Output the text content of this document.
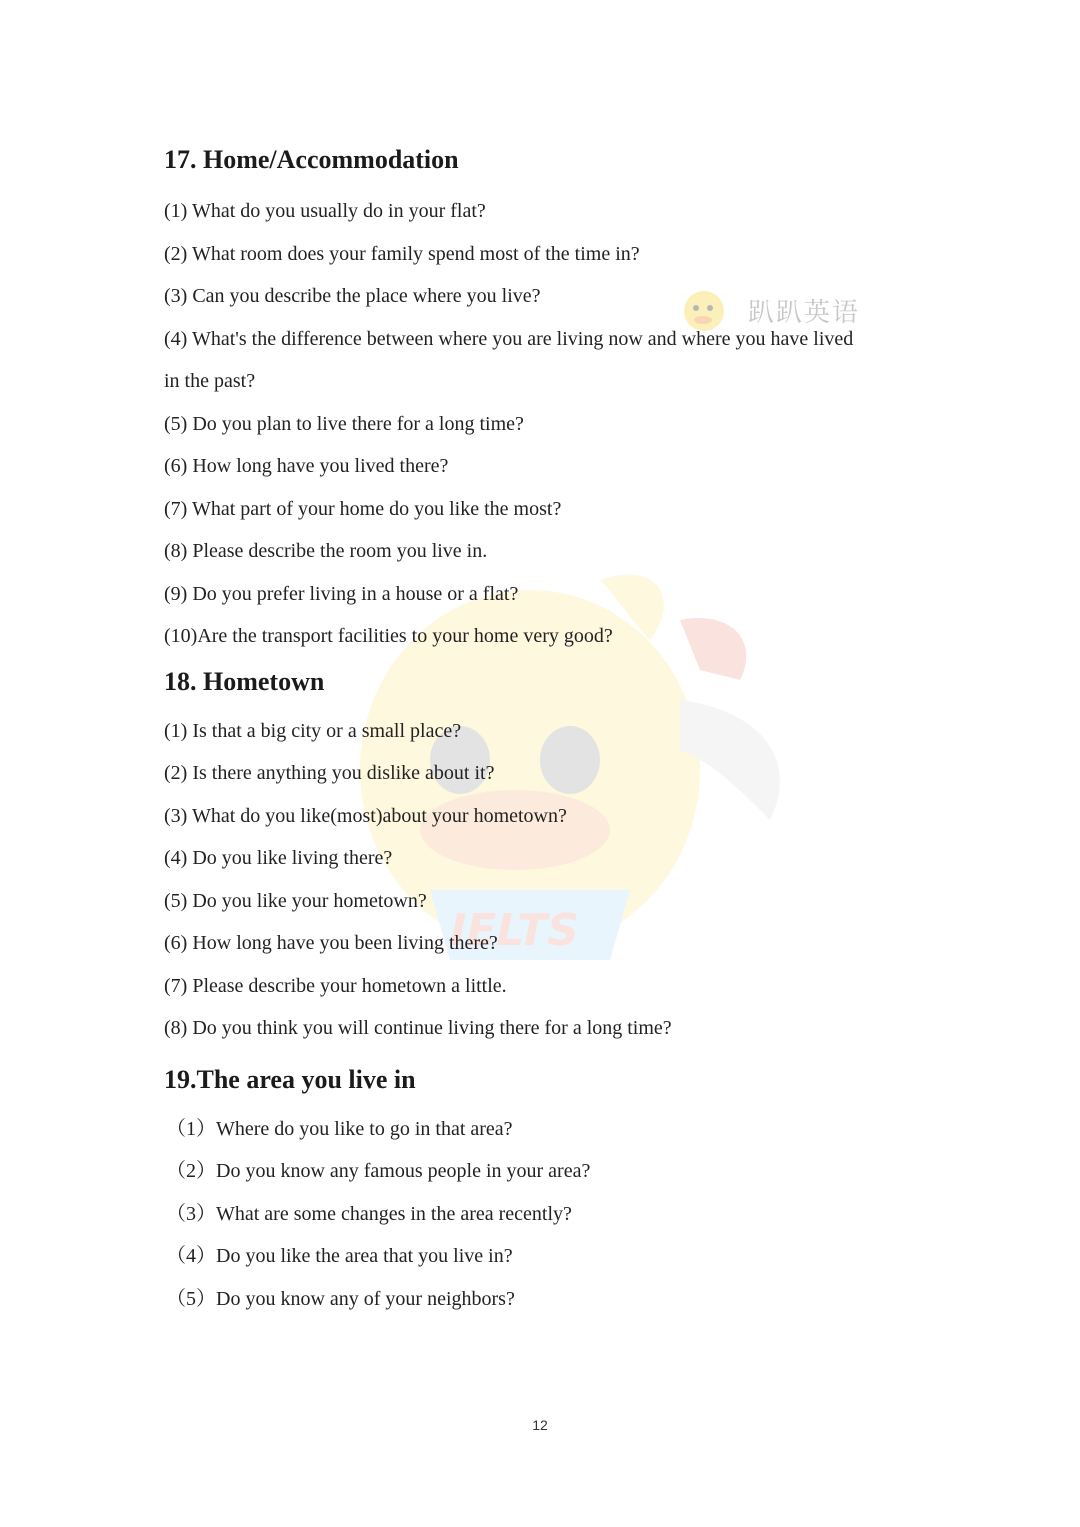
趴趴英语
IELTS
17. Home/Accommodation

(1) What do you usually do in your flat?

(2) What room does your family spend most of the time in?

(3) Can you describe the place where you live?

(4) What's the difference between where you are living now and where you have lived in the past?

(5) Do you plan to live there for a long time?

(6) How long have you lived there?

(7) What part of your home do you like the most?

(8) Please describe the room you live in.

(9) Do you prefer living in a house or a flat?

(10)Are the transport facilities to your home very good?

18. Hometown

(1) Is that a big city or a small place?

(2) Is there anything you dislike about it?

(3) What do you like(most)about your hometown?

(4) Do you like living there?

(5) Do you like your hometown?

(6) How long have you been living there?

(7) Please describe your hometown a little.

(8) Do you think you will continue living there for a long time?

19.The area you live in

（1）Where do you like to go in that area?

（2）Do you know any famous people in your area?

（3）What are some changes in the area recently?

（4）Do you like the area that you live in?

（5）Do you know any of your neighbors?

12
